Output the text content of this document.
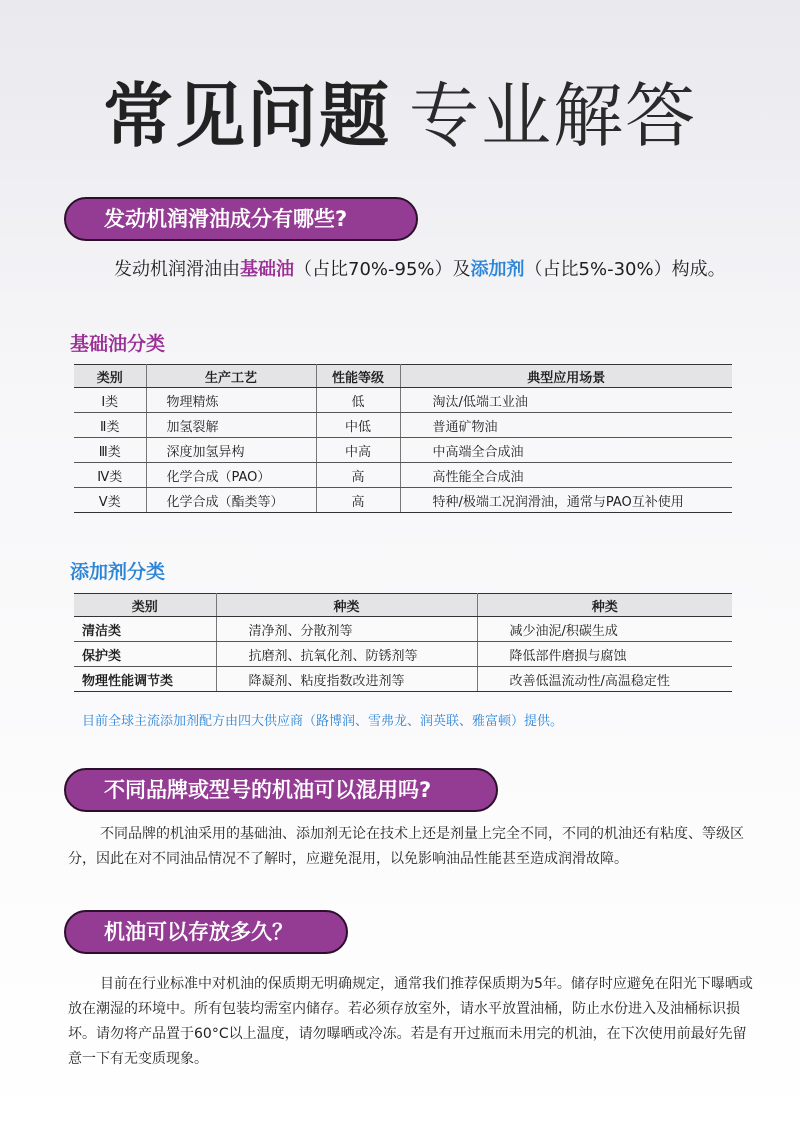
常见问题 专业解答
发动机润滑油成分有哪些?
发动机润滑油由基础油（占比70%-95%）及添加剂（占比5%-30%）构成。
基础油分类
类别	生产工艺	性能等级	典型应用场景
Ⅰ类	物理精炼	低	淘汰/低端工业油
Ⅱ类	加氢裂解	中低	普通矿物油
Ⅲ类	深度加氢异构	中高	中高端全合成油
Ⅳ类	化学合成（PAO）	高	高性能全合成油
Ⅴ类	化学合成（酯类等）	高	特种/极端工况润滑油，通常与PAO互补使用
添加剂分类
类别	种类	种类
清洁类	清净剂、分散剂等	减少油泥/积碳生成
保护类	抗磨剂、抗氧化剂、防锈剂等	降低部件磨损与腐蚀
物理性能调节类	降凝剂、粘度指数改进剂等	改善低温流动性/高温稳定性
目前全球主流添加剂配方由四大供应商（路博润、雪弗龙、润英联、雅富顿）提供。
不同品牌或型号的机油可以混用吗?
不同品牌的机油采用的基础油、添加剂无论在技术上还是剂量上完全不同，不同的机油还有粘度、等级区分，因此在对不同油品情况不了解时，应避免混用，以免影响油品性能甚至造成润滑故障。
机油可以存放多久？
目前在行业标准中对机油的保质期无明确规定，通常我们推荐保质期为5年。储存时应避免在阳光下曝晒或放在潮湿的环境中。所有包装均需室内储存。若必须存放室外，请水平放置油桶，防止水份进入及油桶标识损坏。请勿将产品置于60°C以上温度，请勿曝晒或冷冻。若是有开过瓶而未用完的机油，在下次使用前最好先留意一下有无变质现象。
